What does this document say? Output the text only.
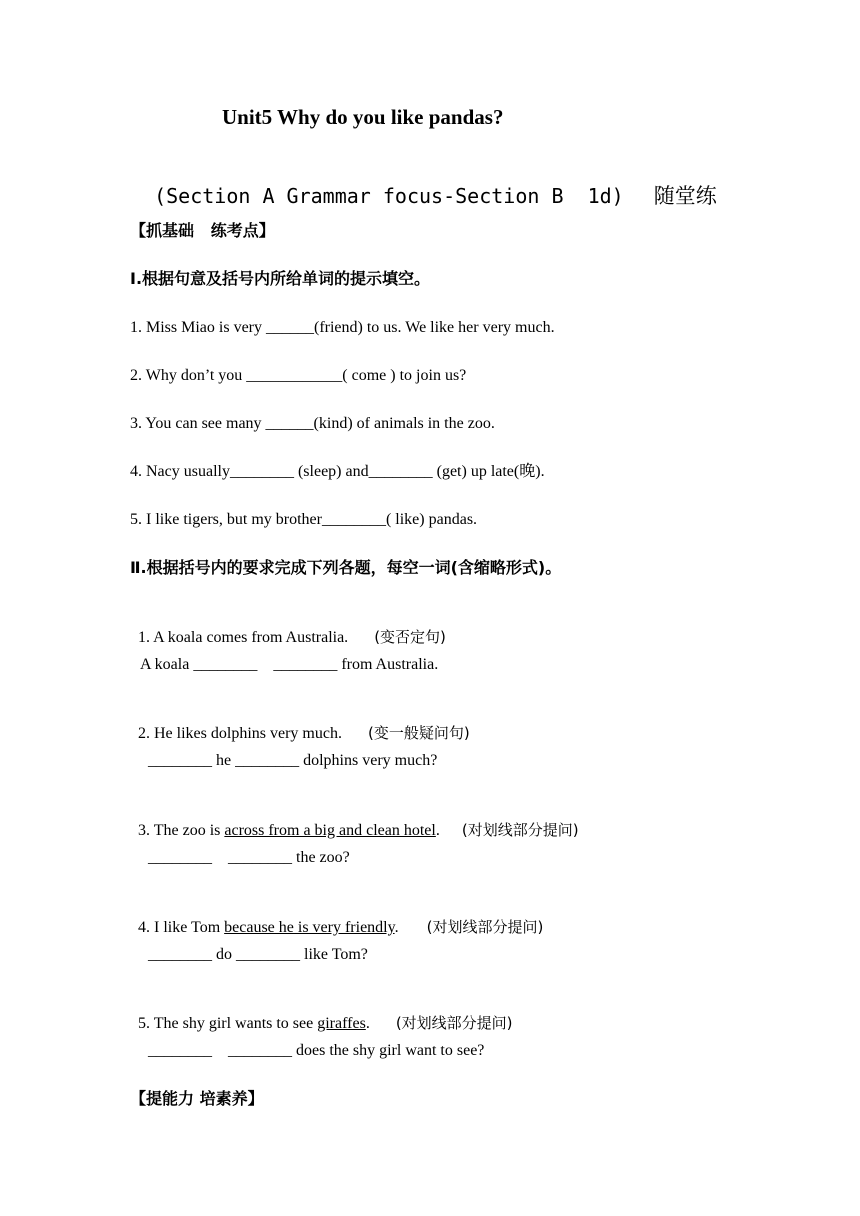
Unit5 Why do you like pandas?

(Section A Grammar focus-Section B  1d) 随堂练

【抓基础   练考点】
Ⅰ.根据句意及括号内所给单词的提示填空。
1. Miss Miao is very ______(friend) to us. We like her very much.
2. Why don’t you ____________( come ) to join us?
3. You can see many ______(kind) of animals in the zoo.
4. Nacy usually________ (sleep) and________ (get) up late(晚).
5. I like tigers, but my brother________( like) pandas.
Ⅱ.根据括号内的要求完成下列各题，每空一词(含缩略形式)。

1. A koala comes from Australia. (变否定句)

A koala ________    ________ from Australia.

2. He likes dolphins very much. (变一般疑问句)

________ he ________ dolphins very much?

3. The zoo is across from a big and clean hotel. (对划线部分提问)

________    ________ the zoo?

4. I like Tom because he is very friendly. (对划线部分提问)

________ do ________ like Tom?

5. The shy girl wants to see giraffes. (对划线部分提问)

________    ________ does the shy girl want to see?
【提能力 培素养】
